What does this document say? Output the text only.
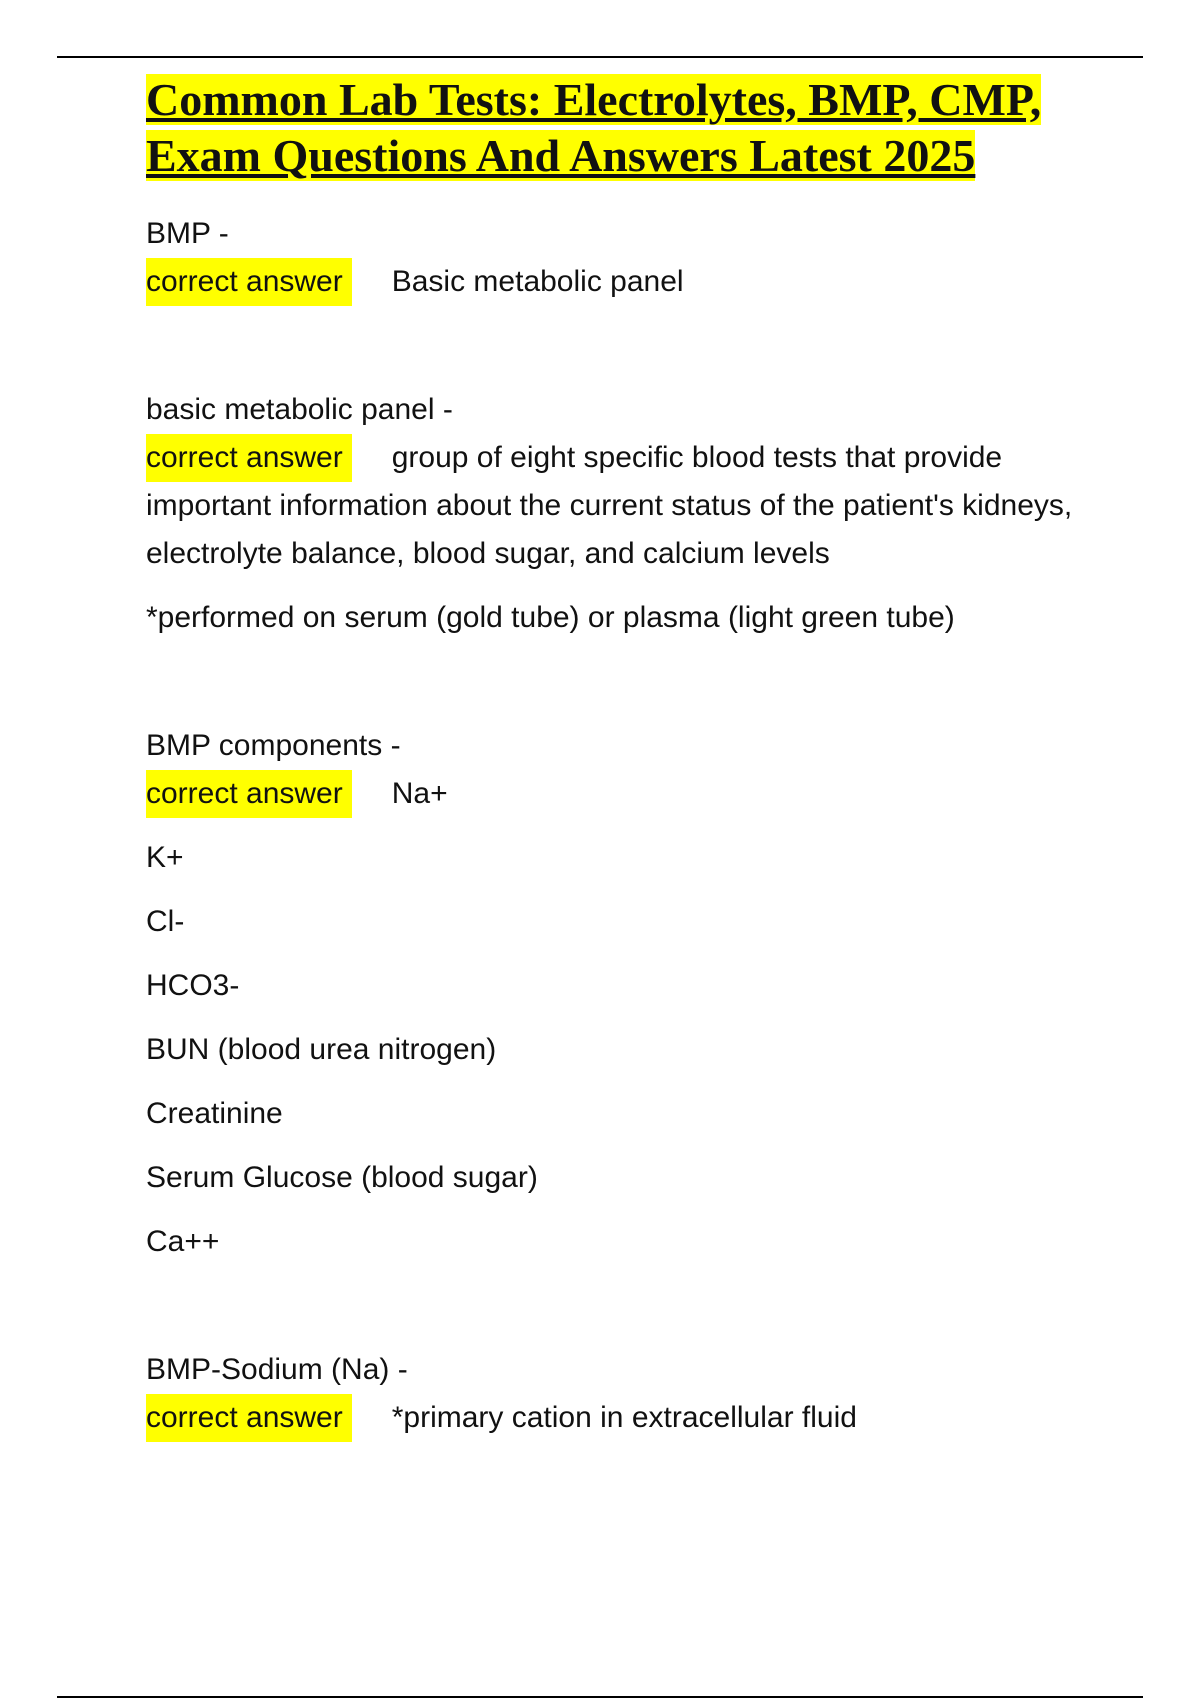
Common Lab Tests: Electrolytes, BMP, CMP, Exam Questions And Answers Latest 2025

BMP -

correct answer Basic metabolic panel

basic metabolic panel -

correct answer group of eight specific blood tests that provide important information about the current status of the patient's kidneys, electrolyte balance, blood sugar, and calcium levels

*performed on serum (gold tube) or plasma (light green tube)

BMP components -

correct answer Na+

K+

Cl-

HCO3-

BUN (blood urea nitrogen)

Creatinine

Serum Glucose (blood sugar)

Ca++

BMP-Sodium (Na) -

correct answer *primary cation in extracellular fluid
